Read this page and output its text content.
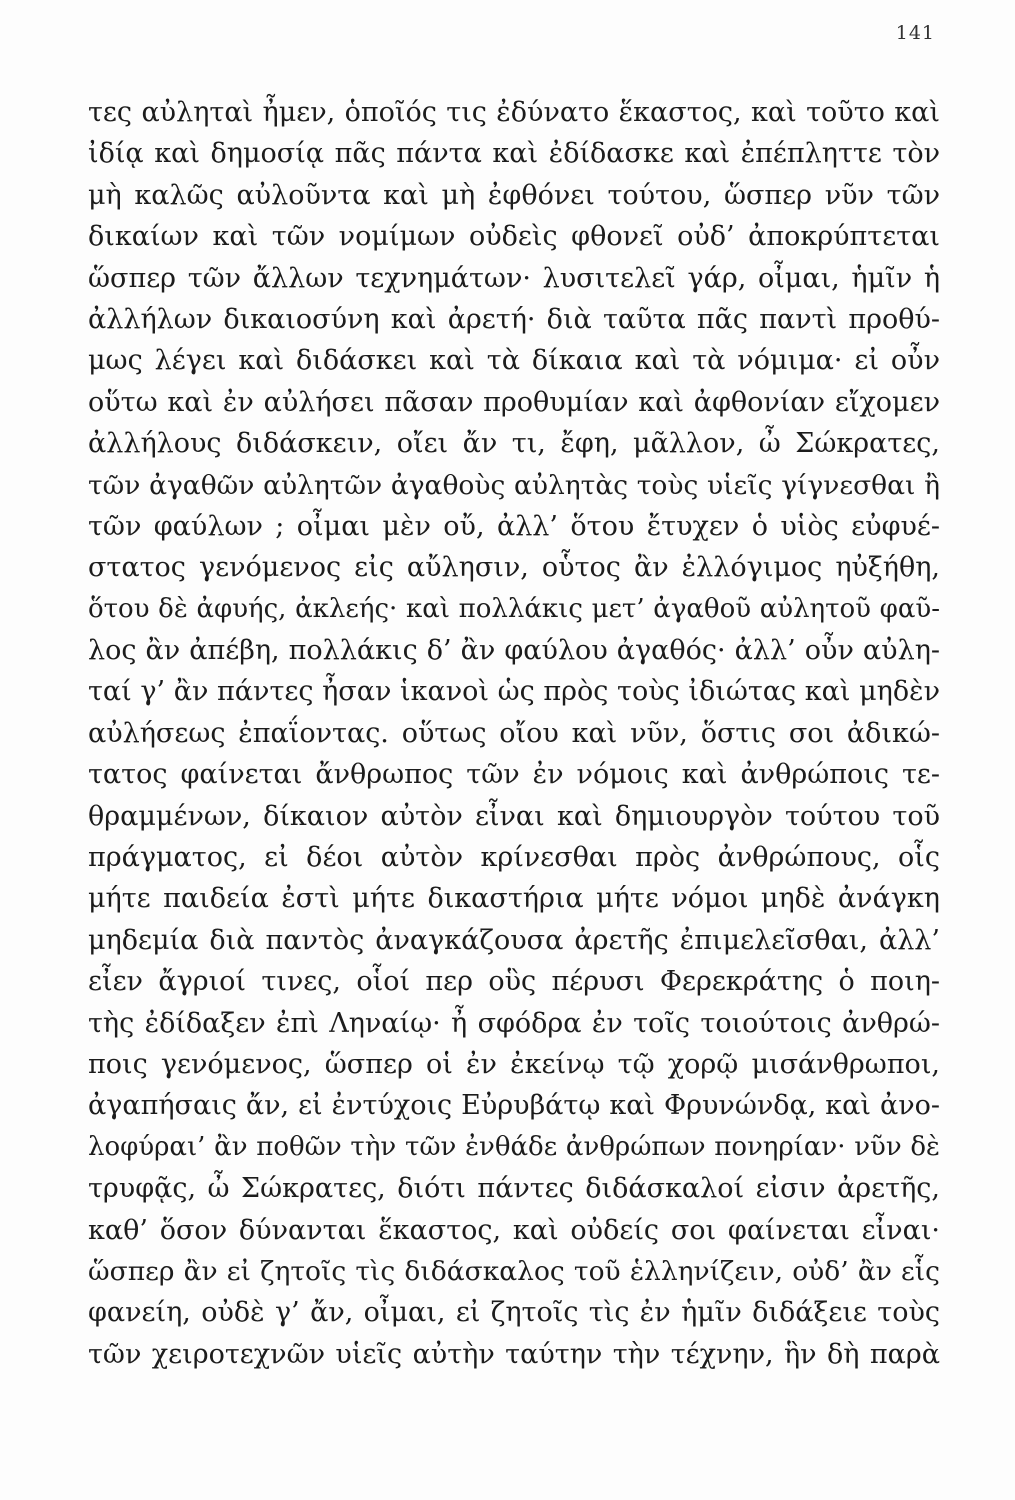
141
τες αὐληταὶ ἦμεν, ὁποῖός τις ἐδύνατο ἕκαστος, καὶ τοῦτο καὶ
ἰδίᾳ καὶ δημοσίᾳ πᾶς πάντα καὶ ἐδίδασκε καὶ ἐπέπληττε τὸν
μὴ καλῶς αὐλοῦντα καὶ μὴ ἐφθόνει τούτου, ὥσπερ νῦν τῶν
δικαίων καὶ τῶν νομίμων οὐδεὶς φθονεῖ οὐδ’ ἀποκρύπτεται
ὥσπερ τῶν ἄλλων τεχνημάτων· λυσιτελεῖ γάρ, οἶμαι, ἡμῖν ἡ
ἀλλήλων δικαιοσύνη καὶ ἀρετή· διὰ ταῦτα πᾶς παντὶ προθύ-
μως λέγει καὶ διδάσκει καὶ τὰ δίκαια καὶ τὰ νόμιμα· εἰ οὖν
οὕτω καὶ ἐν αὐλήσει πᾶσαν προθυμίαν καὶ ἀφθονίαν εἴχομεν
ἀλλήλους διδάσκειν, οἴει ἄν τι, ἔφη, μᾶλλον, ὦ Σώκρατες,
τῶν ἀγαθῶν αὐλητῶν ἀγαθοὺς αὐλητὰς τοὺς υἱεῖς γίγνεσθαι ἢ
τῶν φαύλων ; οἶμαι μὲν οὔ, ἀλλ’ ὅτου ἔτυχεν ὁ υἱὸς εὐφυέ-
στατος γενόμενος εἰς αὔλησιν, οὗτος ἂν ἐλλόγιμος ηὐξήθη,
ὅτου δὲ ἀφυής, ἀκλεής· καὶ πολλάκις μετ’ ἀγαθοῦ αὐλητοῦ φαῦ-
λος ἂν ἀπέβη, πολλάκις δ’ ἂν φαύλου ἀγαθός· ἀλλ’ οὖν αὐλη-
ταί γ’ ἂν πάντες ἦσαν ἱκανοὶ ὡς πρὸς τοὺς ἰδιώτας καὶ μηδὲν
αὐλήσεως ἐπαΐοντας. οὕτως οἴου καὶ νῦν, ὅστις σοι ἀδικώ-
τατος φαίνεται ἄνθρωπος τῶν ἐν νόμοις καὶ ἀνθρώποις τε-
θραμμένων, δίκαιον αὐτὸν εἶναι καὶ δημιουργὸν τούτου τοῦ
πράγματος, εἰ δέοι αὐτὸν κρίνεσθαι πρὸς ἀνθρώπους, οἷς
μήτε παιδεία ἐστὶ μήτε δικαστήρια μήτε νόμοι μηδὲ ἀνάγκη
μηδεμία διὰ παντὸς ἀναγκάζουσα ἀρετῆς ἐπιμελεῖσθαι, ἀλλ’
εἶεν ἄγριοί τινες, οἷοί περ οὓς πέρυσι Φερεκράτης ὁ ποιη-
τὴς ἐδίδαξεν ἐπὶ Ληναίῳ· ἦ σφόδρα ἐν τοῖς τοιούτοις ἀνθρώ-
ποις γενόμενος, ὥσπερ οἱ ἐν ἐκείνῳ τῷ χορῷ μισάνθρωποι,
ἀγαπήσαις ἄν, εἰ ἐντύχοις Εὐρυβάτῳ καὶ Φρυνώνδᾳ, καὶ ἀνο-
λοφύραι’ ἂν ποθῶν τὴν τῶν ἐνθάδε ἀνθρώπων πονηρίαν· νῦν δὲ
τρυφᾷς, ὦ Σώκρατες, διότι πάντες διδάσκαλοί εἰσιν ἀρετῆς,
καθ’ ὅσον δύνανται ἕκαστος, καὶ οὐδείς σοι φαίνεται εἶναι·
ὥσπερ ἂν εἰ ζητοῖς τὶς διδάσκαλος τοῦ ἑλληνίζειν, οὐδ’ ἂν εἷς
φανείη, οὐδὲ γ’ ἄν, οἶμαι, εἰ ζητοῖς τὶς ἐν ἡμῖν διδάξειε τοὺς
τῶν χειροτεχνῶν υἱεῖς αὐτὴν ταύτην τὴν τέχνην, ἣν δὴ παρὰ
